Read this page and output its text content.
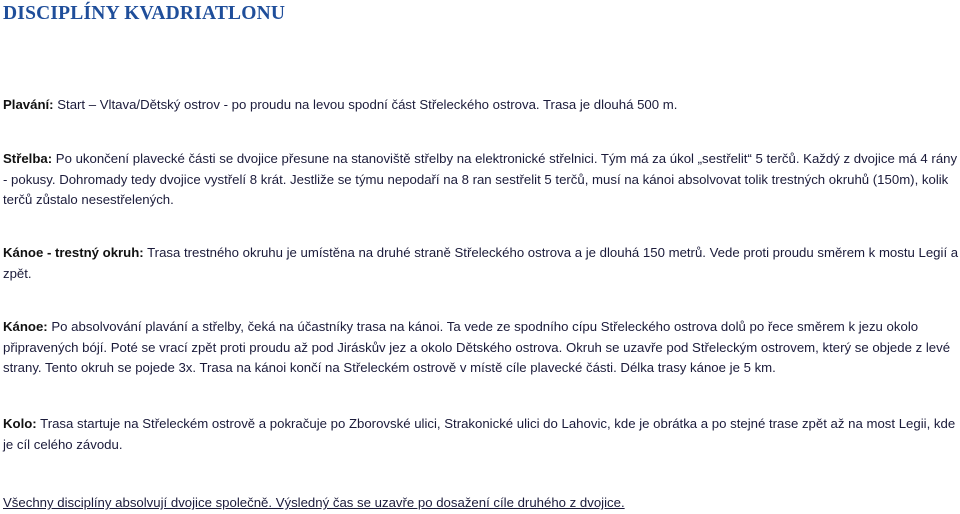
DISCIPLÍNY KVADRIATLONU

Plavání: Start – Vltava/Dětský ostrov - po proudu na levou spodní část Střeleckého ostrova. Trasa je dlouhá 500 m.

Střelba: Po ukončení plavecké části se dvojice přesune na stanoviště střelby na elektronické střelnici. Tým má za úkol „sestřelit“ 5 terčů. Každý z dvojice má 4 rány - pokusy. Dohromady tedy dvojice vystřelí 8 krát. Jestliže se týmu nepodaří na 8 ran sestřelit 5 terčů, musí na kánoi absolvovat tolik trestných okruhů (150m), kolik terčů zůstalo nesestřelených.

Kánoe - trestný okruh: Trasa trestného okruhu je umístěna na druhé straně Střeleckého ostrova a je dlouhá 150 metrů. Vede proti proudu směrem k mostu Legií a zpět.

Kánoe: Po absolvování plavání a střelby, čeká na účastníky trasa na kánoi. Ta vede ze spodního cípu Střeleckého ostrova dolů po řece směrem k jezu okolo připravených bójí. Poté se vrací zpět proti proudu až pod Jiráskův jez a okolo Dětského ostrova. Okruh se uzavře pod Střeleckým ostrovem, který se objede z levé strany. Tento okruh se pojede 3x. Trasa na kánoi končí na Střeleckém ostrově v místě cíle plavecké části. Délka trasy kánoe je 5 km.

Kolo: Trasa startuje na Střeleckém ostrově a pokračuje po Zborovské ulici, Strakonické ulici do Lahovic, kde je obrátka a po stejné trase zpět až na most Legii, kde je cíl celého závodu.

Všechny disciplíny absolvují dvojice společně. Výsledný čas se uzavře po dosažení cíle druhého z dvojice.
